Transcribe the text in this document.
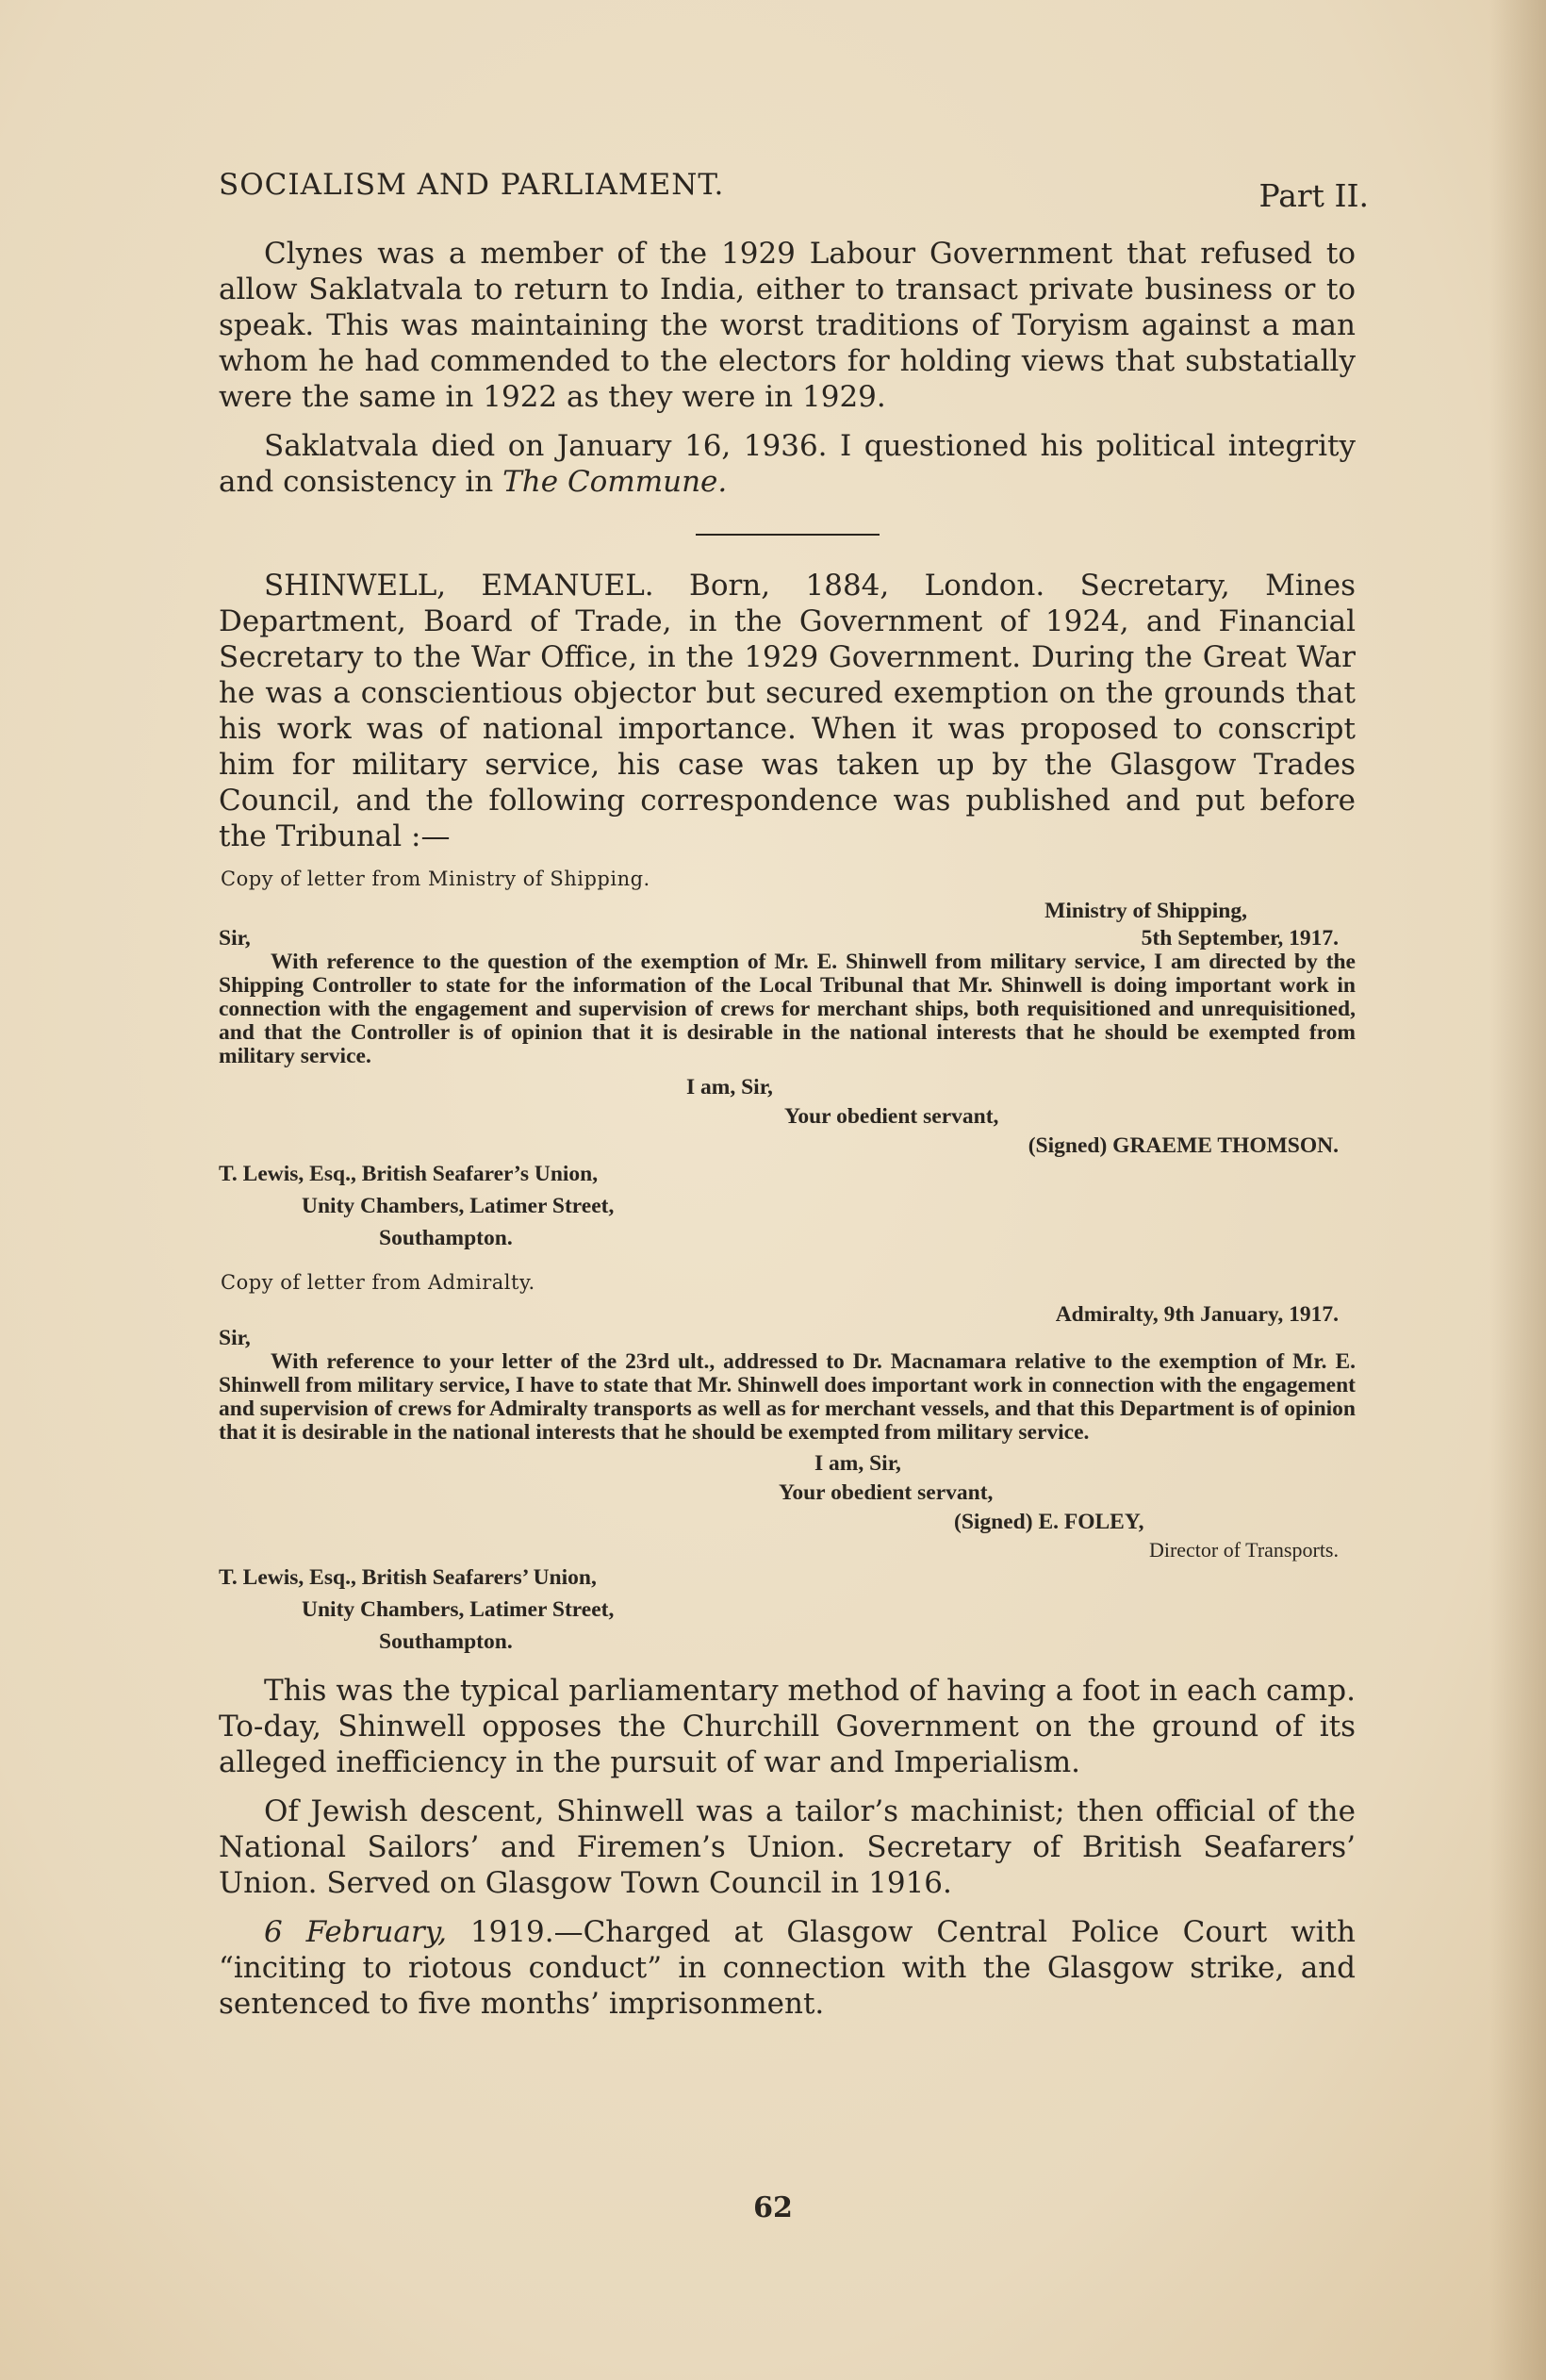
SOCIALISM AND PARLIAMENT.	Part II.

Clynes was a member of the 1929 Labour Government that refused to allow Saklatvala to return to India, either to transact private business or to speak. This was maintaining the worst traditions of Toryism against a man whom he had commended to the electors for holding views that substatially were the same in 1922 as they were in 1929.

Saklatvala died on January 16, 1936. I questioned his political integrity and consistency in The Commune.

SHINWELL, EMANUEL. Born, 1884, London. Secretary, Mines Department, Board of Trade, in the Government of 1924, and Financial Secretary to the War Office, in the 1929 Government. During the Great War he was a conscientious objector but secured exemption on the grounds that his work was of national importance. When it was proposed to conscript him for military service, his case was taken up by the Glasgow Trades Council, and the following correspondence was published and put before the Tribunal :—

Copy of letter from Ministry of Shipping.

Ministry of Shipping,

Sir,	5th September, 1917.

With reference to the question of the exemption of Mr. E. Shinwell from military service, I am directed by the Shipping Controller to state for the information of the Local Tribunal that Mr. Shinwell is doing important work in connection with the engagement and supervision of crews for merchant ships, both requisitioned and unrequisitioned, and that the Controller is of opinion that it is desirable in the national interests that he should be exempted from military service.

I am, Sir,

Your obedient servant,

(Signed) GRAEME THOMSON.

T. Lewis, Esq., British Seafarer’s Union,

Unity Chambers, Latimer Street,

Southampton.

Copy of letter from Admiralty.

Admiralty, 9th January, 1917.

Sir,

With reference to your letter of the 23rd ult., addressed to Dr. Macnamara relative to the exemption of Mr. E. Shinwell from military service, I have to state that Mr. Shinwell does important work in connection with the engagement and supervision of crews for Admiralty transports as well as for merchant vessels, and that this Department is of opinion that it is desirable in the national interests that he should be exempted from military service.

I am, Sir,

Your obedient servant,

(Signed) E. FOLEY,

Director of Transports.

T. Lewis, Esq., British Seafarers’ Union,

Unity Chambers, Latimer Street,

Southampton.

This was the typical parliamentary method of having a foot in each camp. To-day, Shinwell opposes the Churchill Government on the ground of its alleged inefficiency in the pursuit of war and Imperialism.

Of Jewish descent, Shinwell was a tailor’s machinist; then official of the National Sailors’ and Firemen’s Union. Secretary of British Seafarers’ Union. Served on Glasgow Town Council in 1916.

6 February, 1919.—Charged at Glasgow Central Police Court with “inciting to riotous conduct” in connection with the Glasgow strike, and sentenced to five months’ imprisonment.

62
